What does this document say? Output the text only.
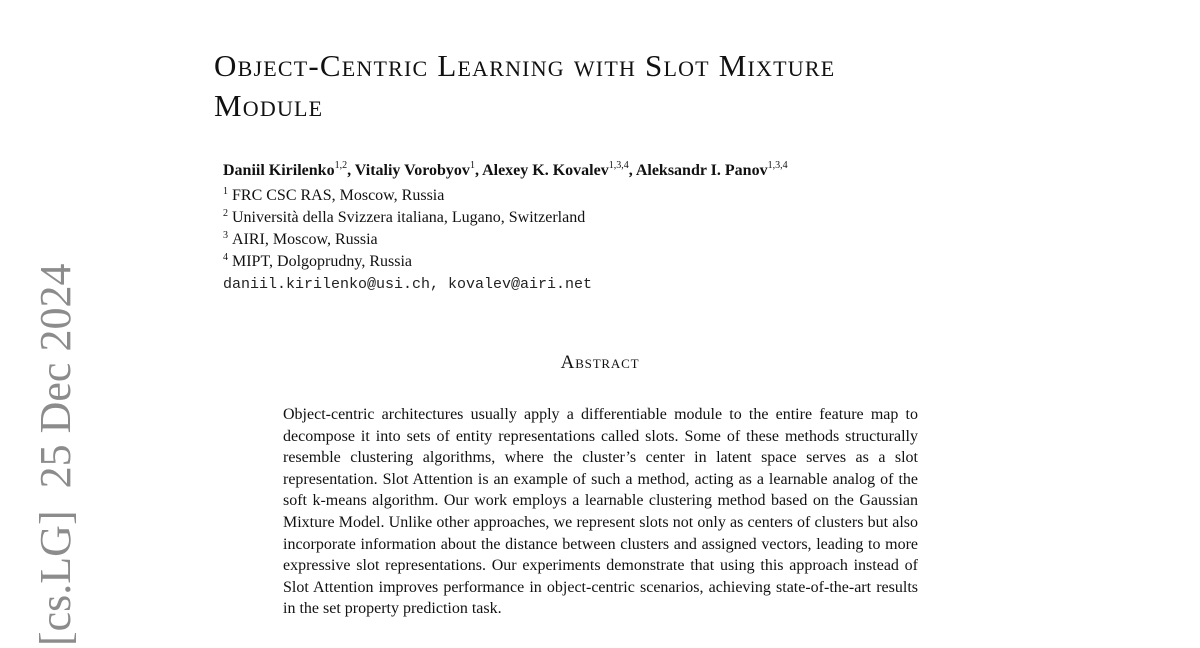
[cs.LG]25 Dec 2024
Object-Centric Learning with Slot Mixture
Module
Daniil Kirilenko$^{1,2}$, Vitaliy Vorobyov$^1$, Alexey K. Kovalev$^{1,3,4}$, Aleksandr I. Panov$^{1,3,4}$
$^1$ FRC CSC RAS, Moscow, Russia
$^2$ Università della Svizzera italiana, Lugano, Switzerland
$^3$ AIRI, Moscow, Russia
$^4$ MIPT, Dolgoprudny, Russia
daniil.kirilenko@usi.ch, kovalev@airi.net
Abstract

Object-centric architectures usually apply a differentiable module to the entire feature map to decompose it into sets of entity representations called slots. Some of these methods structurally resemble clustering algorithms, where the cluster’s center in latent space serves as a slot representation. Slot Attention is an example of such a method, acting as a learnable analog of the soft k-means algorithm. Our work employs a learnable clustering method based on the Gaussian Mixture Model. Unlike other approaches, we represent slots not only as centers of clusters but also incorporate information about the distance between clusters and assigned vectors, leading to more expressive slot representations. Our experiments demonstrate that using this approach instead of Slot Attention improves performance in object-centric scenarios, achieving state-of-the-art results in the set property prediction task.
